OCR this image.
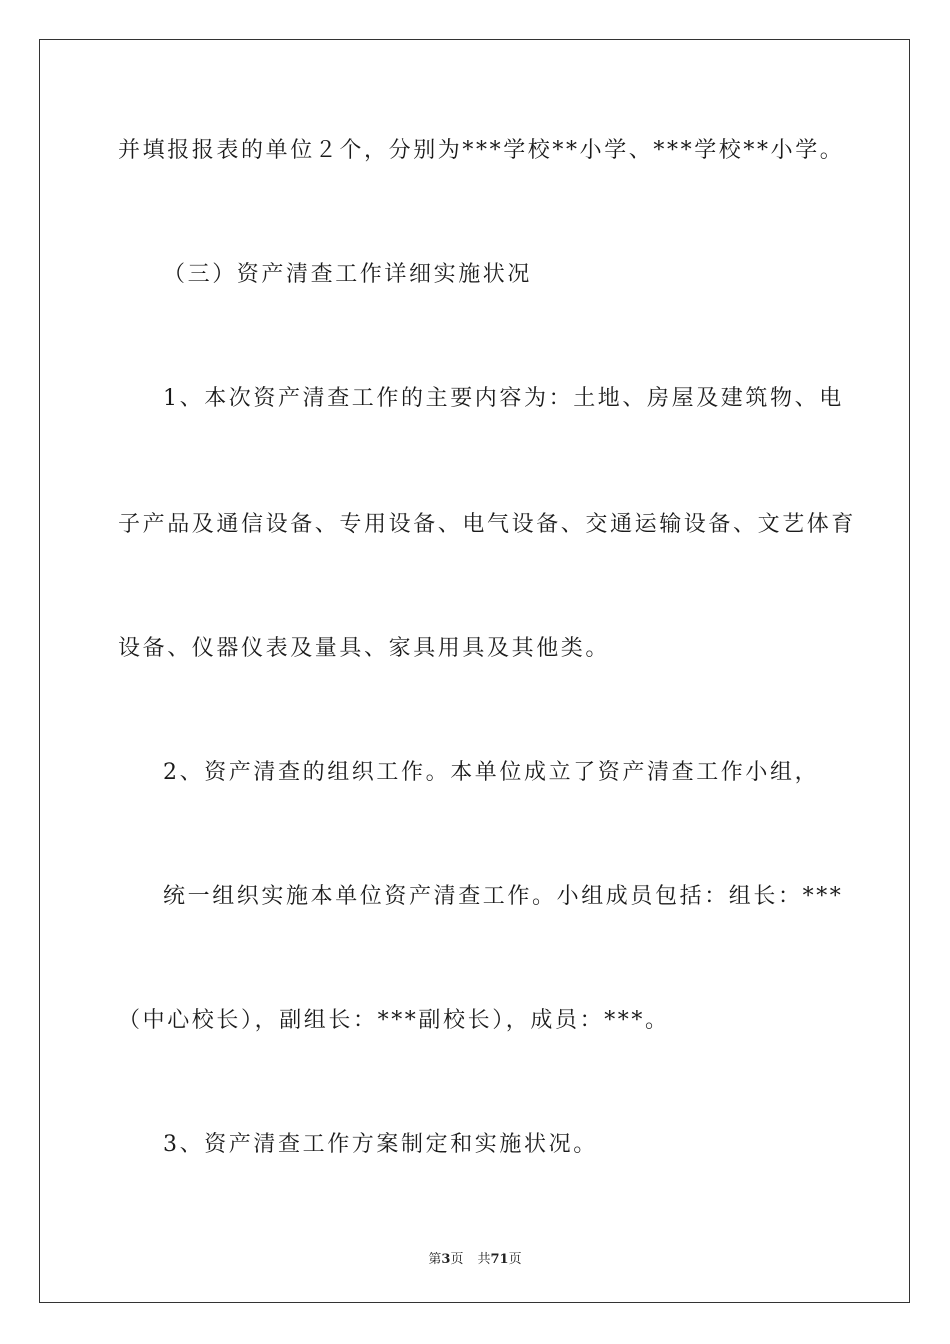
并填报报表的单位２个，分别为***学校**小学、***学校**小学。
（三）资产清查工作详细实施状况
1、本次资产清查工作的主要内容为：土地、房屋及建筑物、电
子产品及通信设备、专用设备、电气设备、交通运输设备、文艺体育
设备、仪器仪表及量具、家具用具及其他类。
2、资产清查的组织工作。本单位成立了资产清查工作小组，
统一组织实施本单位资产清查工作。小组成员包括：组长：***
（中心校长），副组长：***副校长），成员：***。
3、资产清查工作方案制定和实施状况。
第3页 共71页
